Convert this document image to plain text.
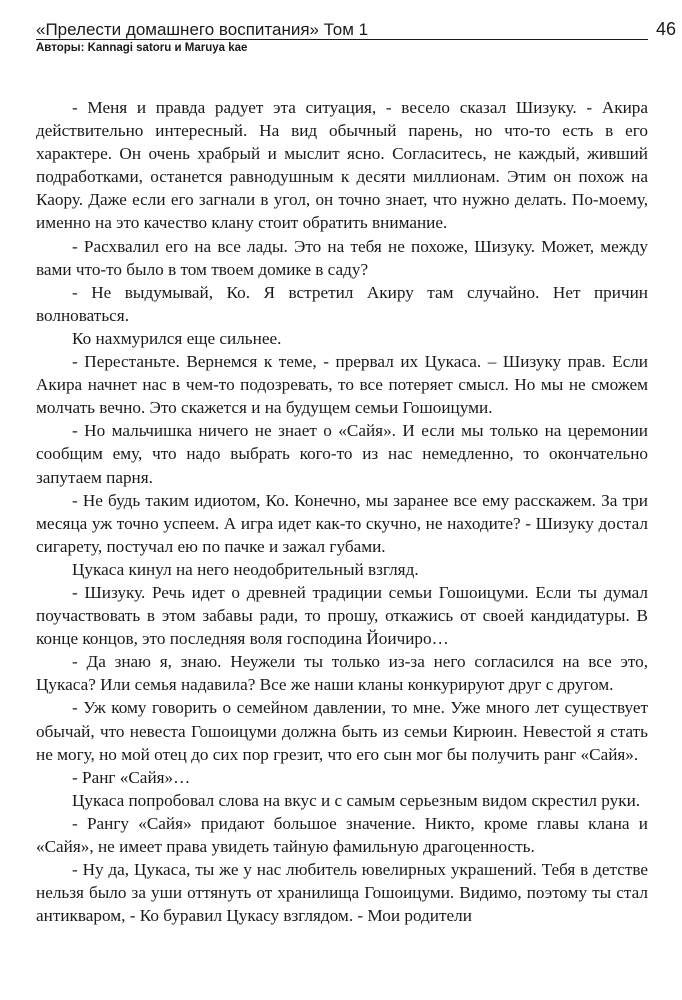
«Прелести домашнего воспитания» Том 1
Авторы: Kannagi satoru и Maruya kae
46

- Меня и правда радует эта ситуация, - весело сказал Шизуку. - Акира действительно интересный. На вид обычный парень, но что-то есть в его характере. Он очень храбрый и мыслит ясно. Согласитесь, не каждый, живший подработками, останется равнодушным к десяти миллионам. Этим он похож на Каору. Даже если его загнали в угол, он точно знает, что нужно делать. По-моему, именно на это качество клану стоит обратить внимание.

- Расхвалил его на все лады. Это на тебя не похоже, Шизуку. Может, между вами что-то было в том твоем домике в саду?

- Не выдумывай, Ко. Я встретил Акиру там случайно. Нет причин волноваться.

Ко нахмурился еще сильнее.

- Перестаньте. Вернемся к теме, - прервал их Цукаса. – Шизуку прав. Если Акира начнет нас в чем-то подозревать, то все потеряет смысл. Но мы не сможем молчать вечно. Это скажется и на будущем семьи Гошоицуми.

- Но мальчишка ничего не знает о «Сайя». И если мы только на церемонии сообщим ему, что надо выбрать кого-то из нас немедленно, то окончательно запутаем парня.

- Не будь таким идиотом, Ко. Конечно, мы заранее все ему расскажем. За три месяца уж точно успеем. А игра идет как-то скучно, не находите? - Шизуку достал сигарету, постучал ею по пачке и зажал губами.

Цукаса кинул на него неодобрительный взгляд.

- Шизуку. Речь идет о древней традиции семьи Гошоицуми. Если ты думал поучаствовать в этом забавы ради, то прошу, откажись от своей кандидатуры. В конце концов, это последняя воля господина Йоичиро…

- Да знаю я, знаю. Неужели ты только из-за него согласился на все это, Цукаса? Или семья надавила? Все же наши кланы конкурируют друг с другом.

- Уж кому говорить о семейном давлении, то мне. Уже много лет существует обычай, что невеста Гошоицуми должна быть из семьи Кирюин. Невестой я стать не могу, но мой отец до сих пор грезит, что его сын мог бы получить ранг «Сайя».

- Ранг «Сайя»…

Цукаса попробовал слова на вкус и с самым серьезным видом скрестил руки.

- Рангу «Сайя» придают большое значение. Никто, кроме главы клана и «Сайя», не имеет права увидеть тайную фамильную драгоценность.

- Ну да, Цукаса, ты же у нас любитель ювелирных украшений. Тебя в детстве нельзя было за уши оттянуть от хранилища Гошоицуми. Видимо, поэтому ты стал антикваром, - Ко буравил Цукасу взглядом. - Мои родители
